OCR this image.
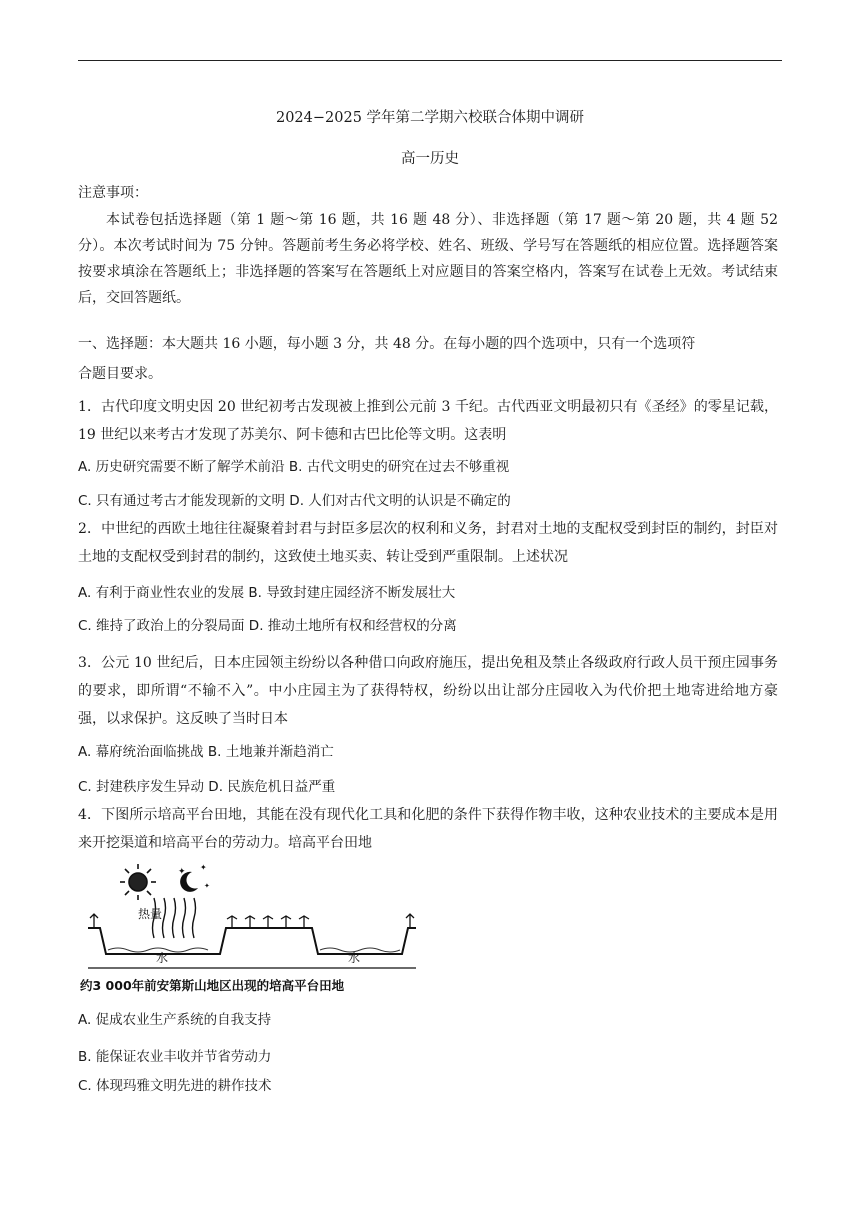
2024−2025 学年第二学期六校联合体期中调研
高一历史
注意事项：
本试卷包括选择题（第 1 题～第 16 题，共 16 题 48 分）、非选择题（第 17 题～第 20 题，共 4 题 52 分）。本次考试时间为 75 分钟。答题前考生务必将学校、姓名、班级、学号写在答题纸的相应位置。选择题答案按要求填涂在答题纸上；非选择题的答案写在答题纸上对应题目的答案空格内，答案写在试卷上无效。考试结束后，交回答题纸。
一、选择题：本大题共 16 小题，每小题 3 分，共 48 分。在每小题的四个选项中，只有一个选项符
合题目要求。
1．古代印度文明史因 20 世纪初考古发现被上推到公元前 3 千纪。古代西亚文明最初只有《圣经》的零星记载，19 世纪以来考古才发现了苏美尔、阿卡德和古巴比伦等文明。这表明
A. 历史研究需要不断了解学术前沿 B. 古代文明史的研究在过去不够重视
C. 只有通过考古才能发现新的文明 D. 人们对古代文明的认识是不确定的
2．中世纪的西欧土地往往凝聚着封君与封臣多层次的权利和义务，封君对土地的支配权受到封臣的制约，封臣对土地的支配权受到封君的制约，这致使土地买卖、转让受到严重限制。上述状况
A. 有利于商业性农业的发展 B. 导致封建庄园经济不断发展壮大
C. 维持了政治上的分裂局面 D. 推动土地所有权和经营权的分离
3．公元 10 世纪后，日本庄园领主纷纷以各种借口向政府施压，提出免租及禁止各级政府行政人员干预庄园事务的要求，即所谓“不输不入”。中小庄园主为了获得特权，纷纷以出让部分庄园收入为代价把土地寄进给地方豪强，以求保护。这反映了当时日本
A. 幕府统治面临挑战 B. 土地兼并渐趋消亡
C. 封建秩序发生异动 D. 民族危机日益严重
4．下图所示培高平台田地，其能在没有现代化工具和化肥的条件下获得作物丰收，这种农业技术的主要成本是用来开挖渠道和培高平台的劳动力。培高平台田地
✦ ✦
✦
热量
水	水
约3 000年前安第斯山地区出现的培高平台田地
A. 促成农业生产系统的自我支持
B. 能保证农业丰收并节省劳动力
C. 体现玛雅文明先进的耕作技术
